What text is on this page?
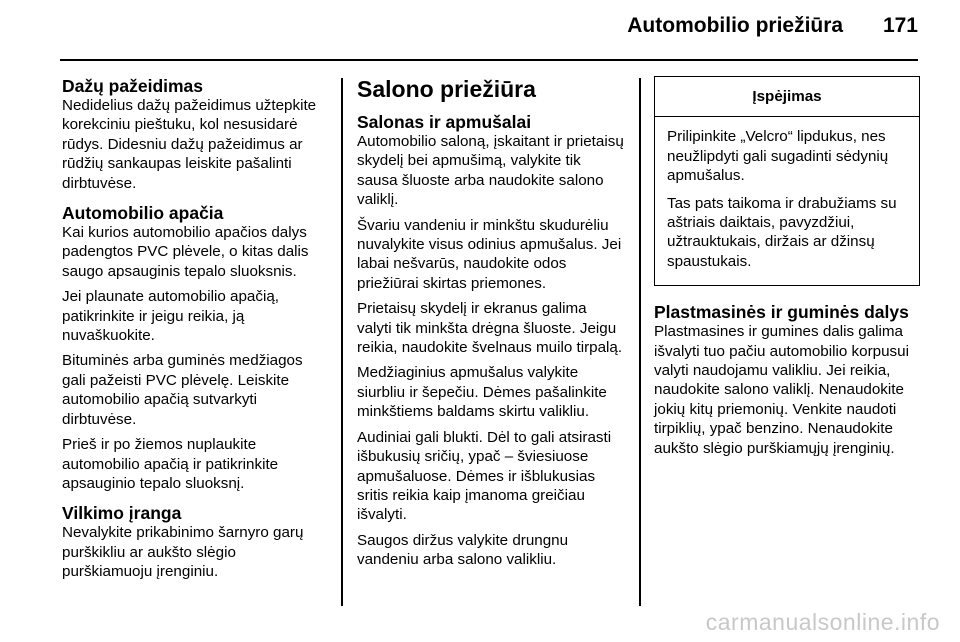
Automobilio priežiūra 171
Dažų pažeidimas

Nedidelius dažų pažeidimus užtepkite korekciniu pieštuku, kol nesusidarė rūdys. Didesniu dažų pažeidimus ar rūdžių sankaupas leiskite pašalinti dirbtuvėse.

Automobilio apačia

Kai kurios automobilio apačios dalys padengtos PVC plėvele, o kitas dalis saugo apsauginis tepalo sluoksnis.

Jei plaunate automobilio apačią, patikrinkite ir jeigu reikia, ją nuvaškuokite.

Bituminės arba guminės medžiagos gali pažeisti PVC plėvelę. Leiskite automobilio apačią sutvarkyti dirbtuvėse.

Prieš ir po žiemos nuplaukite automobilio apačią ir patikrinkite apsauginio tepalo sluoksnį.

Vilkimo įranga

Nevalykite prikabinimo šarnyro garų purškikliu ar aukšto slėgio purškiamuoju įrenginiu.

Salono priežiūra
Salonas ir apmušalai

Automobilio saloną, įskaitant ir prietaisų skydelį bei apmušimą, valykite tik sausa šluoste arba naudokite salono valiklį.

Švariu vandeniu ir minkštu skudurėliu nuvalykite visus odinius apmušalus. Jei labai nešvarūs, naudokite odos priežiūrai skirtas priemones.

Prietaisų skydelį ir ekranus galima valyti tik minkšta drėgna šluoste. Jeigu reikia, naudokite švelnaus muilo tirpalą.

Medžiaginius apmušalus valykite siurbliu ir šepečiu. Dėmes pašalinkite minkštiems baldams skirtu valikliu.

Audiniai gali blukti. Dėl to gali atsirasti išbukusių sričių, ypač – šviesiuose apmušaluose. Dėmes ir išblukusias sritis reikia kaip įmanoma greičiau išvalyti.

Saugos diržus valykite drungnu vandeniu arba salono valikliu.

Įspėjimas

Prilipinkite „Velcro“ lipdukus, nes neužlipdyti gali sugadinti sėdynių apmušalus.

Tas pats taikoma ir drabužiams su aštriais daiktais, pavyzdžiui, užtrauktukais, diržais ar džinsų spaustukais.

Plastmasinės ir guminės dalys

Plastmasines ir gumines dalis galima išvalyti tuo pačiu automobilio korpusui valyti naudojamu valikliu. Jei reikia, naudokite salono valiklį. Nenaudokite jokių kitų priemonių. Venkite naudoti tirpiklių, ypač benzino. Nenaudokite aukšto slėgio purškiamųjų įrenginių.

carmanualsonline.info
